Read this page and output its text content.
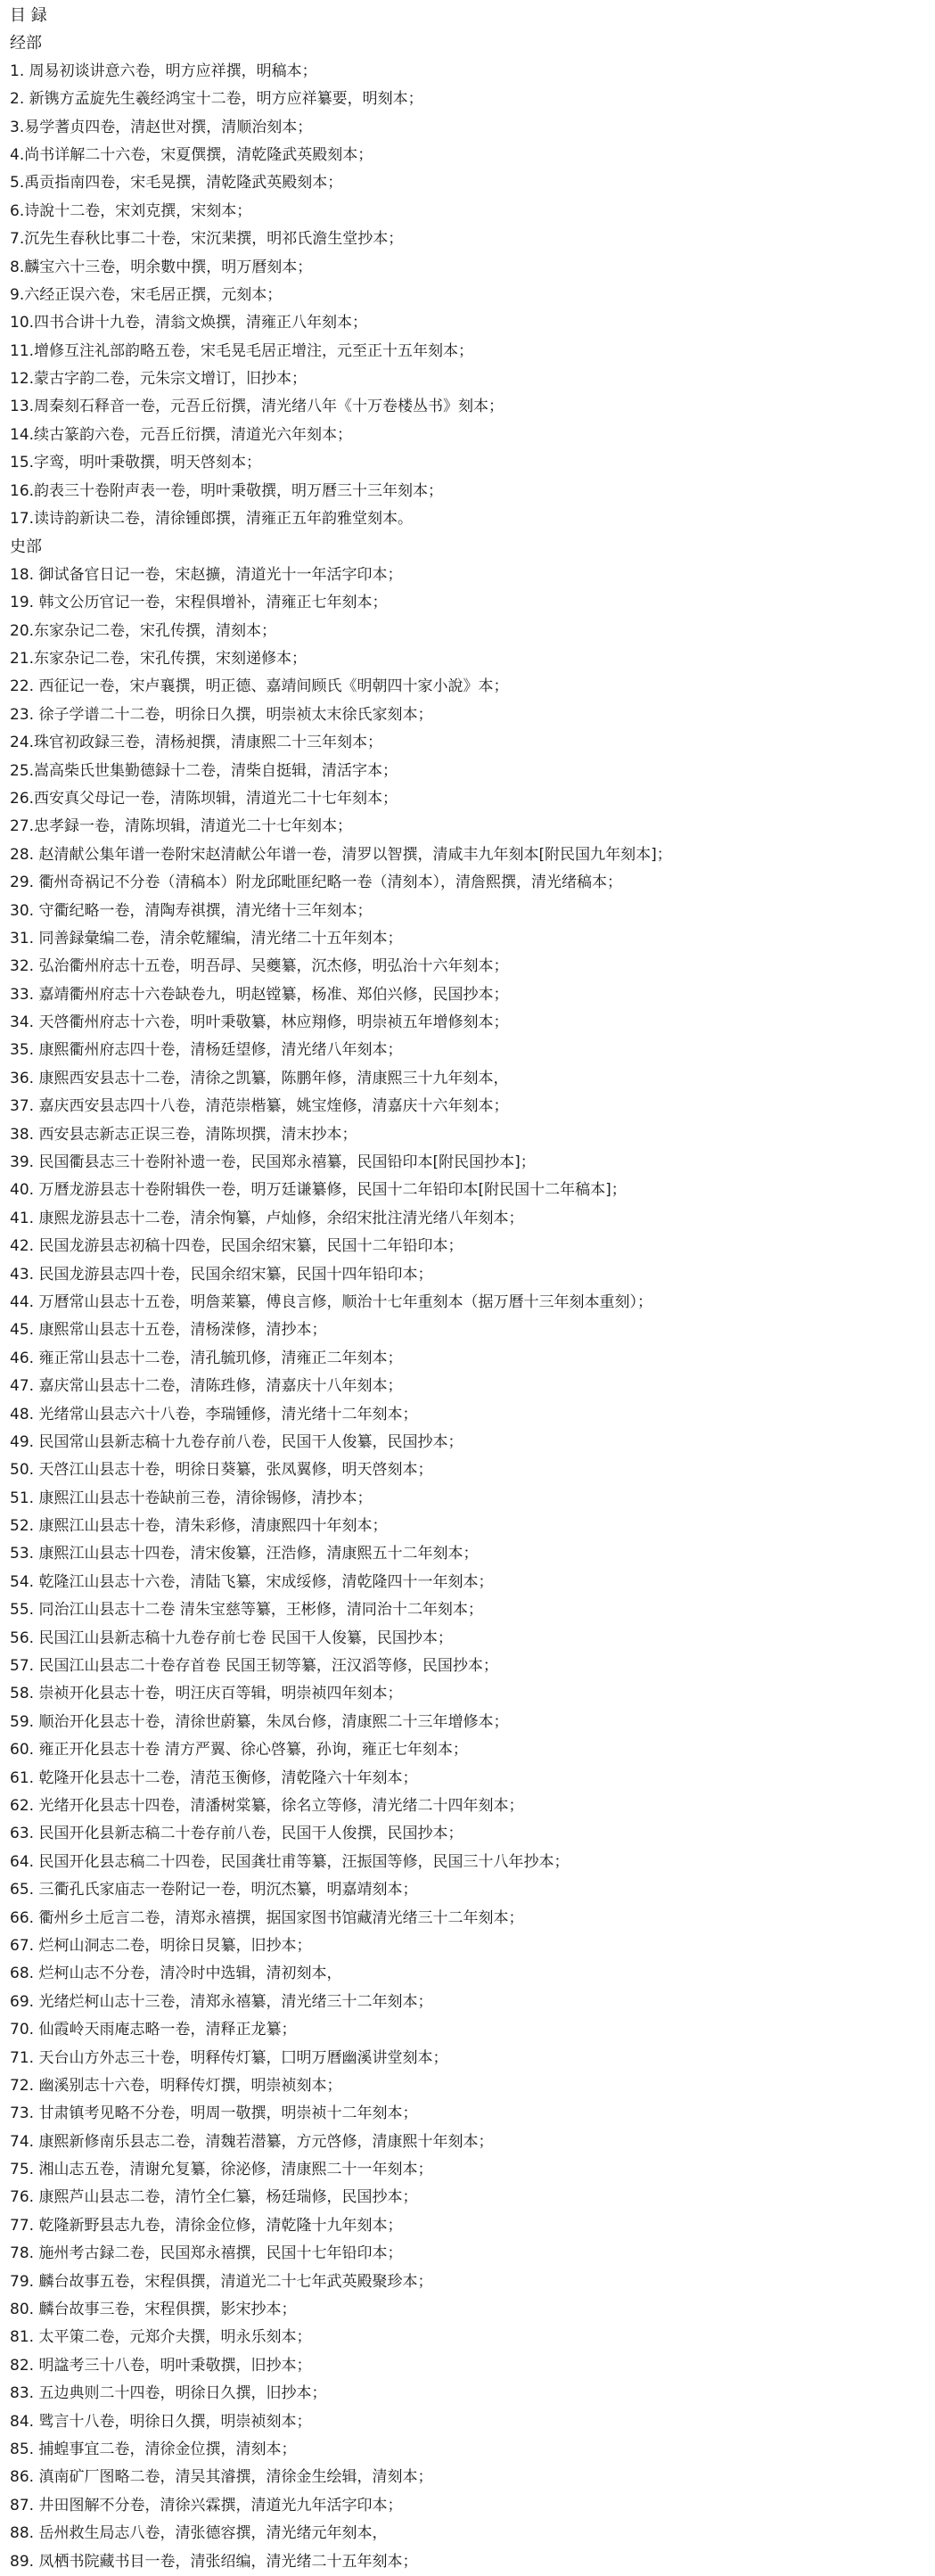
目 録
经部
1. 周易初谈讲意六卷，明方应祥撰，明稿本；
2. 新镌方孟旋先生羲经鸿宝十二卷，明方应祥纂要，明刻本；
3.易学蓍贞四卷，清赵世对撰，清顺治刻本；
4.尚书详解二十六卷，宋夏僎撰，清乾隆武英殿刻本；
5.禹贡指南四卷，宋毛晃撰，清乾隆武英殿刻本；
6.诗說十二卷，宋刘克撰，宋刻本；
7.沉先生春秋比事二十卷，宋沉棐撰，明祁氏澹生堂抄本；
8.麟宝六十三卷，明余數中撰，明万曆刻本；
9.六经正误六卷，宋毛居正撰，元刻本；
10.四书合讲十九卷，清翁文焕撰，清雍正八年刻本；
11.增修互注礼部韵略五卷，宋毛晃毛居正增注，元至正十五年刻本；
12.蒙古字韵二卷，元朱宗文增订，旧抄本；
13.周秦刻石释音一卷，元吾丘衍撰，清光绪八年《十万卷楼丛书》刻本；
14.续古篆韵六卷，元吾丘衍撰，清道光六年刻本；
15.字鸾，明叶秉敬撰，明天啓刻本；
16.韵表三十卷附声表一卷，明叶秉敬撰，明万曆三十三年刻本；
17.读诗韵新诀二卷，清徐锺郎撰，清雍正五年韵雅堂刻本。
史部
18. 御试备官日记一卷，宋赵擴，清道光十一年活字印本；
19. 韩文公历官记一卷，宋程俱增补，清雍正七年刻本；
20.东家杂记二卷，宋孔传撰，清刻本；
21.东家杂记二卷，宋孔传撰，宋刻递修本；
22. 西征记一卷，宋卢襄撰，明正德、嘉靖间顾氏《明朝四十家小說》本；
23. 徐子学谱二十二卷，明徐日久撰，明崇祯太末徐氏家刻本；
24.珠官初政録三卷，清杨昶撰，清康熙二十三年刻本；
25.嵩高柴氏世集勤德録十二卷，清柴自挺辑，清活字本；
26.西安真父母记一卷，清陈坝辑，清道光二十七年刻本；
27.忠孝録一卷，清陈坝辑，清道光二十七年刻本；
28. 赵清献公集年谱一卷附宋赵清献公年谱一卷，清罗以智撰，清咸丰九年刻本[附民国九年刻本]；
29. 衢州奇祸记不分卷（清稿本）附龙邱毗匪纪略一卷（清刻本），清詹熙撰，清光绪稿本；
30. 守衢纪略一卷，清陶寿祺撰，清光绪十三年刻本；
31. 同善録彙编二卷，清余乾耀编，清光绪二十五年刻本；
32. 弘治衢州府志十五卷，明吾冔、吴夔纂，沉杰修，明弘治十六年刻本；
33. 嘉靖衢州府志十六卷缺卷九，明赵镗纂，杨准、郑伯兴修，民国抄本；
34. 天啓衢州府志十六卷，明叶秉敬纂，林应翔修，明崇祯五年增修刻本；
35. 康熙衢州府志四十卷，清杨廷望修，清光绪八年刻本；
36. 康熙西安县志十二卷，清徐之凯纂，陈鹏年修，清康熙三十九年刻本，
37. 嘉庆西安县志四十八卷，清范崇楷纂，姚宝煃修，清嘉庆十六年刻本；
38. 西安县志新志正误三卷，清陈坝撰，清末抄本；
39. 民国衢县志三十卷附补遗一卷，民国郑永禧纂，民国铅印本[附民国抄本]；
40. 万曆龙游县志十卷附辑佚一卷，明万廷谦纂修，民国十二年铅印本[附民国十二年稿本]；
41. 康熙龙游县志十二卷，清余恂纂，卢灿修，余绍宋批注清光绪八年刻本；
42. 民国龙游县志初稿十四卷，民国余绍宋纂，民国十二年铅印本；
43. 民国龙游县志四十卷，民国余绍宋纂，民国十四年铅印本；
44. 万曆常山县志十五卷，明詹莱纂，傅良言修，顺治十七年重刻本（据万曆十三年刻本重刻）；
45. 康熙常山县志十五卷，清杨溁修，清抄本；
46. 雍正常山县志十二卷，清孔毓玑修，清雍正二年刻本；
47. 嘉庆常山县志十二卷，清陈珄修，清嘉庆十八年刻本；
48. 光绪常山县志六十八卷，李瑞锺修，清光绪十二年刻本；
49. 民国常山县新志稿十九卷存前八卷，民国干人俊纂，民国抄本；
50. 天啓江山县志十卷，明徐日葵纂，张凤翼修，明天啓刻本；
51. 康熙江山县志十卷缺前三卷，清徐锡修，清抄本；
52. 康熙江山县志十卷，清朱彩修，清康熙四十年刻本；
53. 康熙江山县志十四卷，清宋俊纂，汪浩修，清康熙五十二年刻本；
54. 乾隆江山县志十六卷，清陆飞纂，宋成绥修，清乾隆四十一年刻本；
55. 同治江山县志十二卷 清朱宝慈等纂，王彬修，清同治十二年刻本；
56. 民国江山县新志稿十九卷存前七卷 民国干人俊纂，民国抄本；
57. 民国江山县志二十卷存首卷 民国王韧等纂，汪汉滔等修，民国抄本；
58. 崇祯开化县志十卷，明汪庆百等辑，明崇祯四年刻本；
59. 顺治开化县志十卷，清徐世蔚纂，朱凤台修，清康熙二十三年增修本；
60. 雍正开化县志十卷 清方严翼、徐心啓纂，孙询，雍正七年刻本；
61. 乾隆开化县志十二卷，清范玉衡修，清乾隆六十年刻本；
62. 光绪开化县志十四卷，清潘树棠纂，徐名立等修，清光绪二十四年刻本；
63. 民国开化县新志稿二十卷存前八卷，民国干人俊撰，民国抄本；
64. 民国开化县志稿二十四卷，民国龚壮甫等纂，汪振国等修，民国三十八年抄本；
65. 三衢孔氏家庙志一卷附记一卷，明沉杰纂，明嘉靖刻本；
66. 衢州乡土卮言二卷，清郑永禧撰，据国家图书馆藏清光绪三十二年刻本；
67. 烂柯山洞志二卷，明徐日炅纂，旧抄本；
68. 烂柯山志不分卷，清冷时中选辑，清初刻本，
69. 光绪烂柯山志十三卷，清郑永禧纂，清光绪三十二年刻本；
70. 仙霞岭天雨庵志略一卷，清释正龙纂；
71. 天台山方外志三十卷，明释传灯纂，囗明万曆幽溪讲堂刻本；
72. 幽溪别志十六卷，明释传灯撰，明崇祯刻本；
73. 甘肃镇考见略不分卷，明周一敬撰，明崇祯十二年刻本；
74. 康熙新修南乐县志二卷，清魏若潜纂，方元啓修，清康熙十年刻本；
75. 湘山志五卷，清谢允复纂，徐泌修，清康熙二十一年刻本；
76. 康熙芦山县志二卷，清竹全仁纂，杨廷瑞修，民国抄本；
77. 乾隆新野县志九卷，清徐金位修，清乾隆十九年刻本；
78. 施州考古録二卷，民国郑永禧撰，民国十七年铅印本；
79. 麟台故事五卷，宋程俱撰，清道光二十七年武英殿聚珍本；
80. 麟台故事三卷，宋程俱撰，影宋抄本；
81. 太平策二卷，元郑介夫撰，明永乐刻本；
82. 明諡考三十八卷，明叶秉敬撰，旧抄本；
83. 五边典则二十四卷，明徐日久撰，旧抄本；
84. 骘言十八卷，明徐日久撰，明崇祯刻本；
85. 捕蝗事宜二卷，清徐金位撰，清刻本；
86. 滇南矿厂图略二卷，清吴其濬撰，清徐金生绘辑，清刻本；
87. 井田图解不分卷，清徐兴霖撰，清道光九年活字印本；
88. 岳州救生局志八卷，清张德容撰，清光绪元年刻本，
89. 凤栖书院藏书目一卷，清张绍编，清光绪二十五年刻本；
